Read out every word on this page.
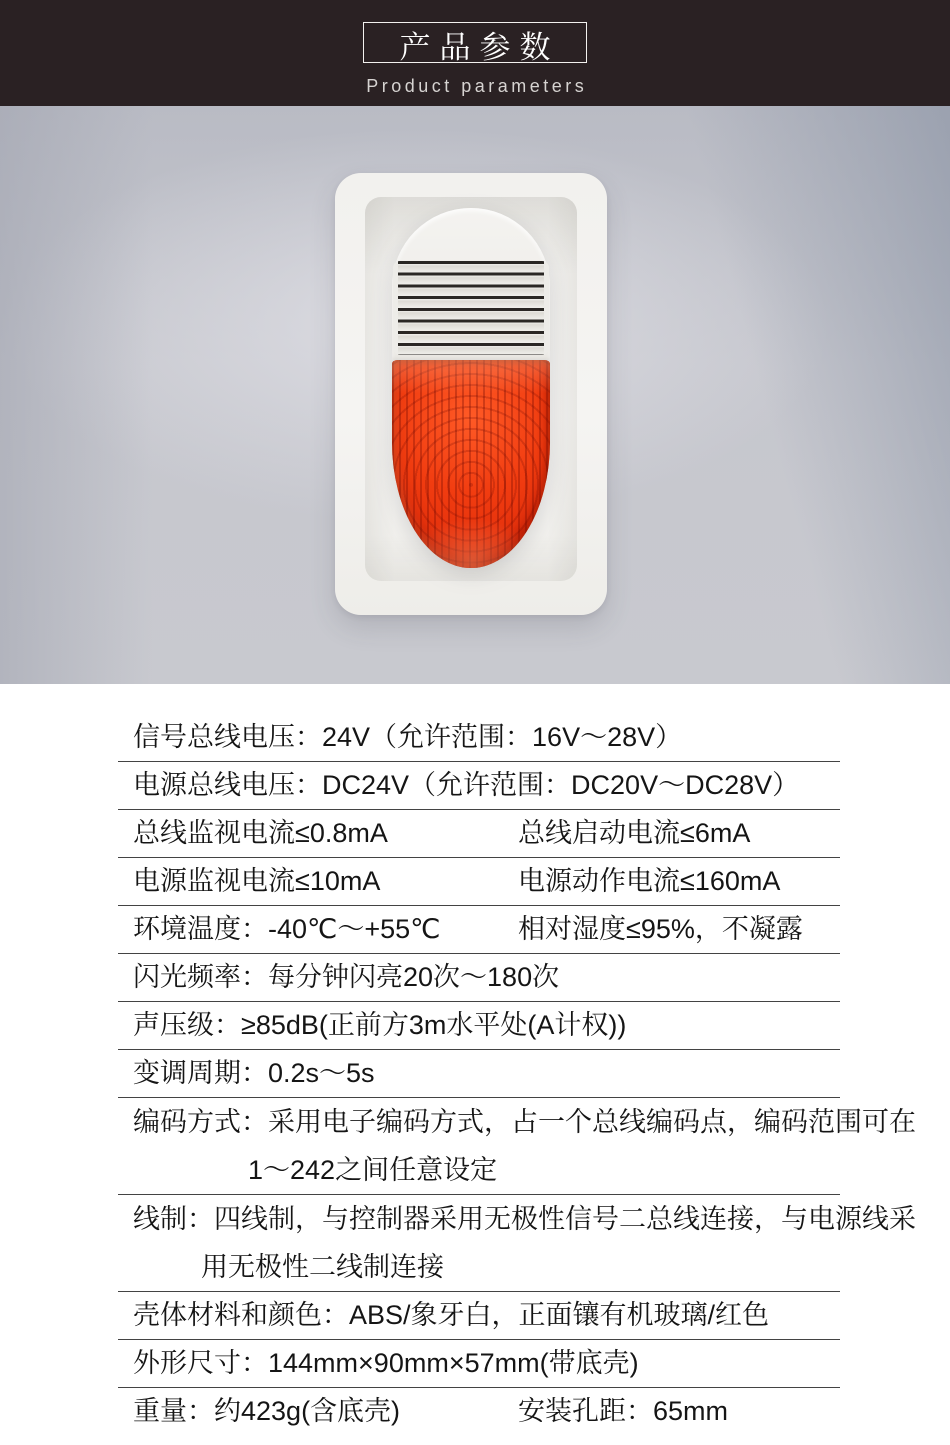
产品参数
Product parameters
信号总线电压：24V（允许范围：16V～28V）
电源总线电压：DC24V（允许范围：DC20V～DC28V）
总线监视电流≤0.8mA	总线启动电流≤6mA
电源监视电流≤10mA	电源动作电流≤160mA
环境温度：-40℃～+55℃	相对湿度≤95%，不凝露
闪光频率：每分钟闪亮20次～180次
声压级：≥85dB(正前方3m水平处(A计权))
变调周期：0.2s～5s
编码方式：采用电子编码方式，占一个总线编码点，编码范围可在
1～242之间任意设定
线制：四线制，与控制器采用无极性信号二总线连接，与电源线采
用无极性二线制连接
壳体材料和颜色：ABS/象牙白，正面镶有机玻璃/红色
外形尺寸：144mm×90mm×57mm(带底壳)
重量：约423g(含底壳)	安装孔距：65mm
